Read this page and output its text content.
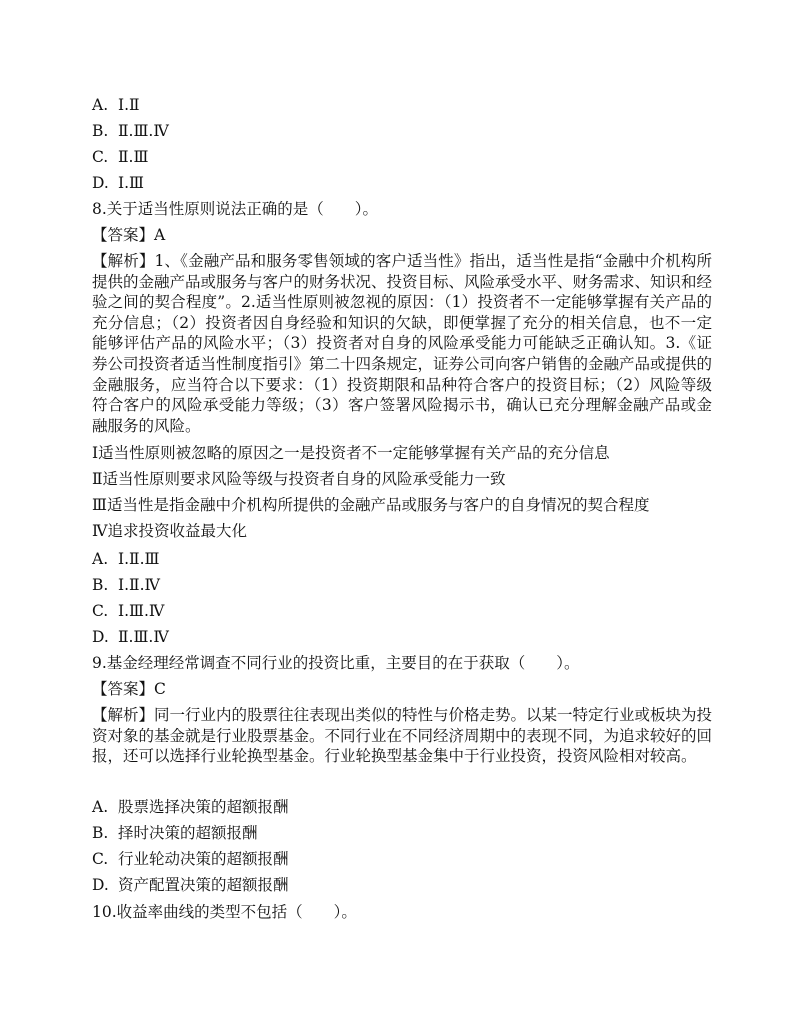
A. Ⅰ.Ⅱ
B. Ⅱ.Ⅲ.Ⅳ
C. Ⅱ.Ⅲ
D. Ⅰ.Ⅲ
8.关于适当性原则说法正确的是（　　）。
【答案】A
【解析】1、《金融产品和服务零售领域的客户适当性》指出，适当性是指“金融中介机构所提供的金融产品或服务与客户的财务状况、投资目标、风险承受水平、财务需求、知识和经验之间的契合程度”。2.适当性原则被忽视的原因：（1）投资者不一定能够掌握有关产品的充分信息；（2）投资者因自身经验和知识的欠缺，即便掌握了充分的相关信息，也不一定能够评估产品的风险水平；（3）投资者对自身的风险承受能力可能缺乏正确认知。3.《证券公司投资者适当性制度指引》第二十四条规定，证券公司向客户销售的金融产品或提供的金融服务，应当符合以下要求：（1）投资期限和品种符合客户的投资目标；（2）风险等级符合客户的风险承受能力等级；（3）客户签署风险揭示书，确认已充分理解金融产品或金融服务的风险。
Ⅰ适当性原则被忽略的原因之一是投资者不一定能够掌握有关产品的充分信息
Ⅱ适当性原则要求风险等级与投资者自身的风险承受能力一致
Ⅲ适当性是指金融中介机构所提供的金融产品或服务与客户的自身情况的契合程度
Ⅳ追求投资收益最大化
A. Ⅰ.Ⅱ.Ⅲ
B. Ⅰ.Ⅱ.Ⅳ
C. Ⅰ.Ⅲ.Ⅳ
D. Ⅱ.Ⅲ.Ⅳ
9.基金经理经常调查不同行业的投资比重，主要目的在于获取（　　）。
【答案】C
【解析】同一行业内的股票往往表现出类似的特性与价格走势。以某一特定行业或板块为投资对象的基金就是行业股票基金。不同行业在不同经济周期中的表现不同，为追求较好的回报，还可以选择行业轮换型基金。行业轮换型基金集中于行业投资，投资风险相对较高。
A. 股票选择决策的超额报酬
B. 择时决策的超额报酬
C. 行业轮动决策的超额报酬
D. 资产配置决策的超额报酬
10.收益率曲线的类型不包括（　　）。
